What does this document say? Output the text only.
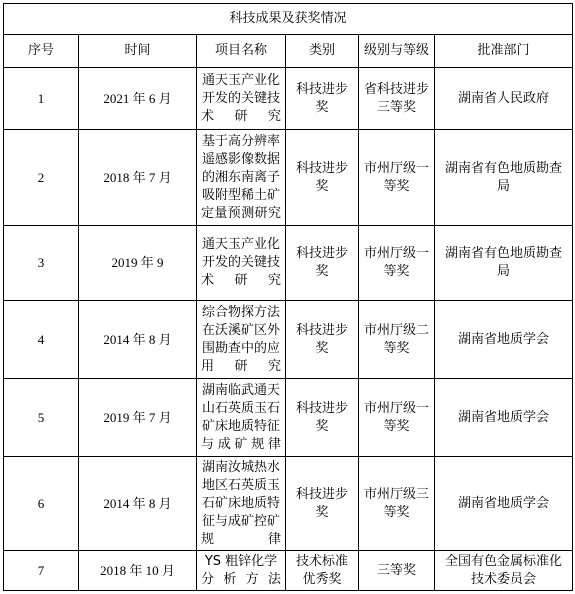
科技成果及获奖情况					
序号	时间	项目名称	类别	级别与等级	批准部门
1	2021 年 6 月	通天玉产业化开发的关键技术研究	科技进步奖	省科技进步三等奖	湖南省人民政府
2	2018 年 7 月	基于高分辨率遥感影像数据的湘东南离子吸附型稀土矿定量预测研究	科技进步奖	市州厅级一等奖	湖南省有色地质勘查局
3	2019 年 9	通天玉产业化开发的关键技术研究	科技进步奖	市州厅级一等奖	湖南省有色地质勘查局
4	2014 年 8 月	综合物探方法在沃溪矿区外围勘查中的应用研究	科技进步奖	市州厅级二等奖	湖南省地质学会
5	2019 年 7 月	湖南临武通天山石英质玉石矿床地质特征与成矿规律	科技进步奖	市州厅级一等奖	湖南省地质学会
6	2014 年 8 月	湖南汝城热水地区石英质玉石矿床地质特征与成矿控矿规律	科技进步奖	市州厅级三等奖	湖南省地质学会
7	2018 年 10 月	YS 粗锌化学分析方法	技术标准优秀奖	三等奖	全国有色金属标准化技术委员会
